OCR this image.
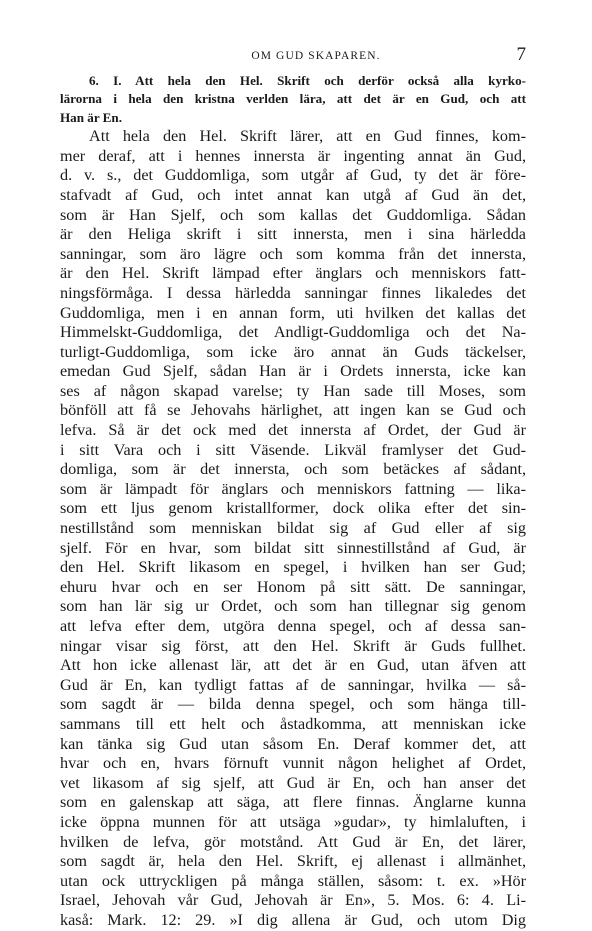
OM GUD SKAPAREN.	7
6. I. Att hela den Hel. Skrift och derför också alla kyrko-
lärorna i hela den kristna verlden lära, att det är en Gud, och att
Han är En.
Att hela den Hel. Skrift lärer, att en Gud finnes, kom-
mer deraf, att i hennes innersta är ingenting annat än Gud,
d. v. s., det Guddomliga, som utgår af Gud, ty det är före-
stafvadt af Gud, och intet annat kan utgå af Gud än det,
som är Han Sjelf, och som kallas det Guddomliga. Sådan
är den Heliga skrift i sitt innersta, men i sina härledda
sanningar, som äro lägre och som komma från det innersta,
är den Hel. Skrift lämpad efter änglars och menniskors fatt-
ningsförmåga. I dessa härledda sanningar finnes likaledes det
Guddomliga, men i en annan form, uti hvilken det kallas det
Himmelskt-Guddomliga, det Andligt-Guddomliga och det Na-
turligt-Guddomliga, som icke äro annat än Guds täckelser,
emedan Gud Sjelf, sådan Han är i Ordets innersta, icke kan
ses af någon skapad varelse; ty Han sade till Moses, som
bönföll att få se Jehovahs härlighet, att ingen kan se Gud och
lefva. Så är det ock med det innersta af Ordet, der Gud är
i sitt Vara och i sitt Väsende. Likväl framlyser det Gud-
domliga, som är det innersta, och som betäckes af sådant,
som är lämpadt för änglars och menniskors fattning — lika-
som ett ljus genom kristallformer, dock olika efter det sin-
nestillstånd som menniskan bildat sig af Gud eller af sig
sjelf. För en hvar, som bildat sitt sinnestillstånd af Gud, är
den Hel. Skrift likasom en spegel, i hvilken han ser Gud;
ehuru hvar och en ser Honom på sitt sätt. De sanningar,
som han lär sig ur Ordet, och som han tillegnar sig genom
att lefva efter dem, utgöra denna spegel, och af dessa san-
ningar visar sig först, att den Hel. Skrift är Guds fullhet.
Att hon icke allenast lär, att det är en Gud, utan äfven att
Gud är En, kan tydligt fattas af de sanningar, hvilka — så-
som sagdt är — bilda denna spegel, och som hänga till-
sammans till ett helt och åstadkomma, att menniskan icke
kan tänka sig Gud utan såsom En. Deraf kommer det, att
hvar och en, hvars förnuft vunnit någon helighet af Ordet,
vet likasom af sig sjelf, att Gud är En, och han anser det
som en galenskap att säga, att flere finnas. Änglarne kunna
icke öppna munnen för att utsäga »gudar», ty himlaluften, i
hvilken de lefva, gör motstånd. Att Gud är En, det lärer,
som sagdt är, hela den Hel. Skrift, ej allenast i allmänhet,
utan ock uttryckligen på många ställen, såsom: t. ex. »Hör
Israel, Jehovah vår Gud, Jehovah är En», 5. Mos. 6: 4. Li-
kaså: Mark. 12: 29. »I dig allena är Gud, och utom Dig
